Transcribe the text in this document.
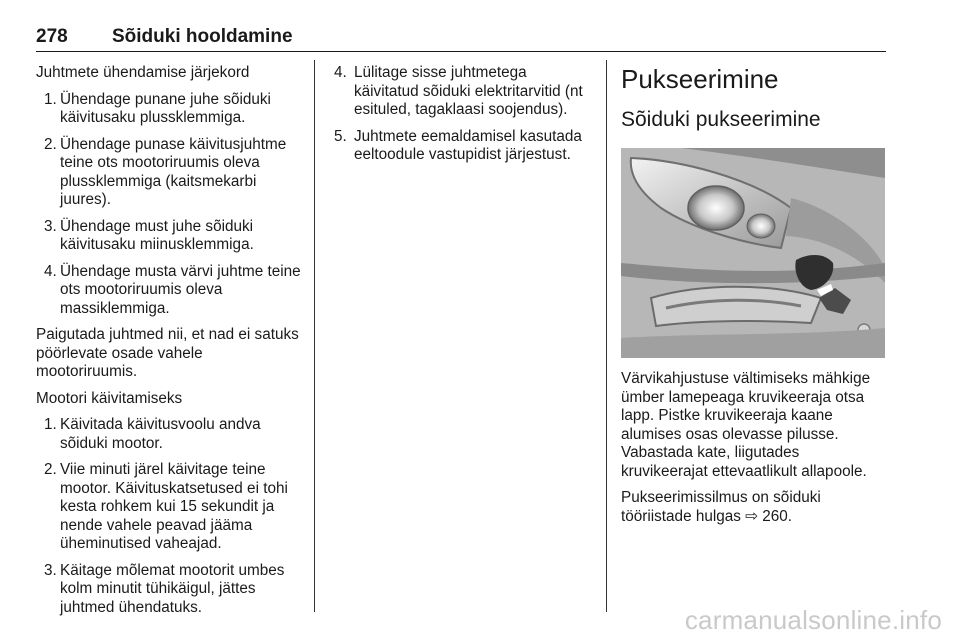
278 Sõiduki hooldamine

Juhtmete ühendamise järjekord

1. Ühendage punane juhe sõiduki käivitusaku plussklemmiga.
2. Ühendage punase käivitusjuhtme teine ots mootoriruumis oleva plussklemmiga (kaitsmekarbi juures).
3. Ühendage must juhe sõiduki käivitusaku miinusklemmiga.
4. Ühendage musta värvi juhtme teine ots mootoriruumis oleva massiklemmiga.

Paigutada juhtmed nii, et nad ei satuks pöörlevate osade vahele mootoriruumis.

Mootori käivitamiseks

1. Käivitada käivitusvoolu andva sõiduki mootor.
2. Viie minuti järel käivitage teine mootor. Käivituskatsetused ei tohi kesta rohkem kui 15 sekundit ja nende vahele peavad jääma üheminutised vaheajad.
3. Käitage mõlemat mootorit umbes kolm minutit tühikäigul, jättes juhtmed ühendatuks.
4. Lülitage sisse juhtmetega käivitatud sõiduki elektritarvitid (nt esituled, tagaklaasi soojendus).
5. Juhtmete eemaldamisel kasutada eeltoodule vastupidist järjestust.
Pukseerimine
Sõiduki pukseerimine

Värvikahjustuse vältimiseks mähkige ümber lamepeaga kruvikeeraja otsa lapp. Pistke kruvikeeraja kaane alumises osas olevasse pilusse. Vabastada kate, liigutades kruvikeerajat ettevaatlikult allapoole.

Pukseerimissilmus on sõiduki tööriistade hulgas ⇨ 260.

carmanualsonline.info
